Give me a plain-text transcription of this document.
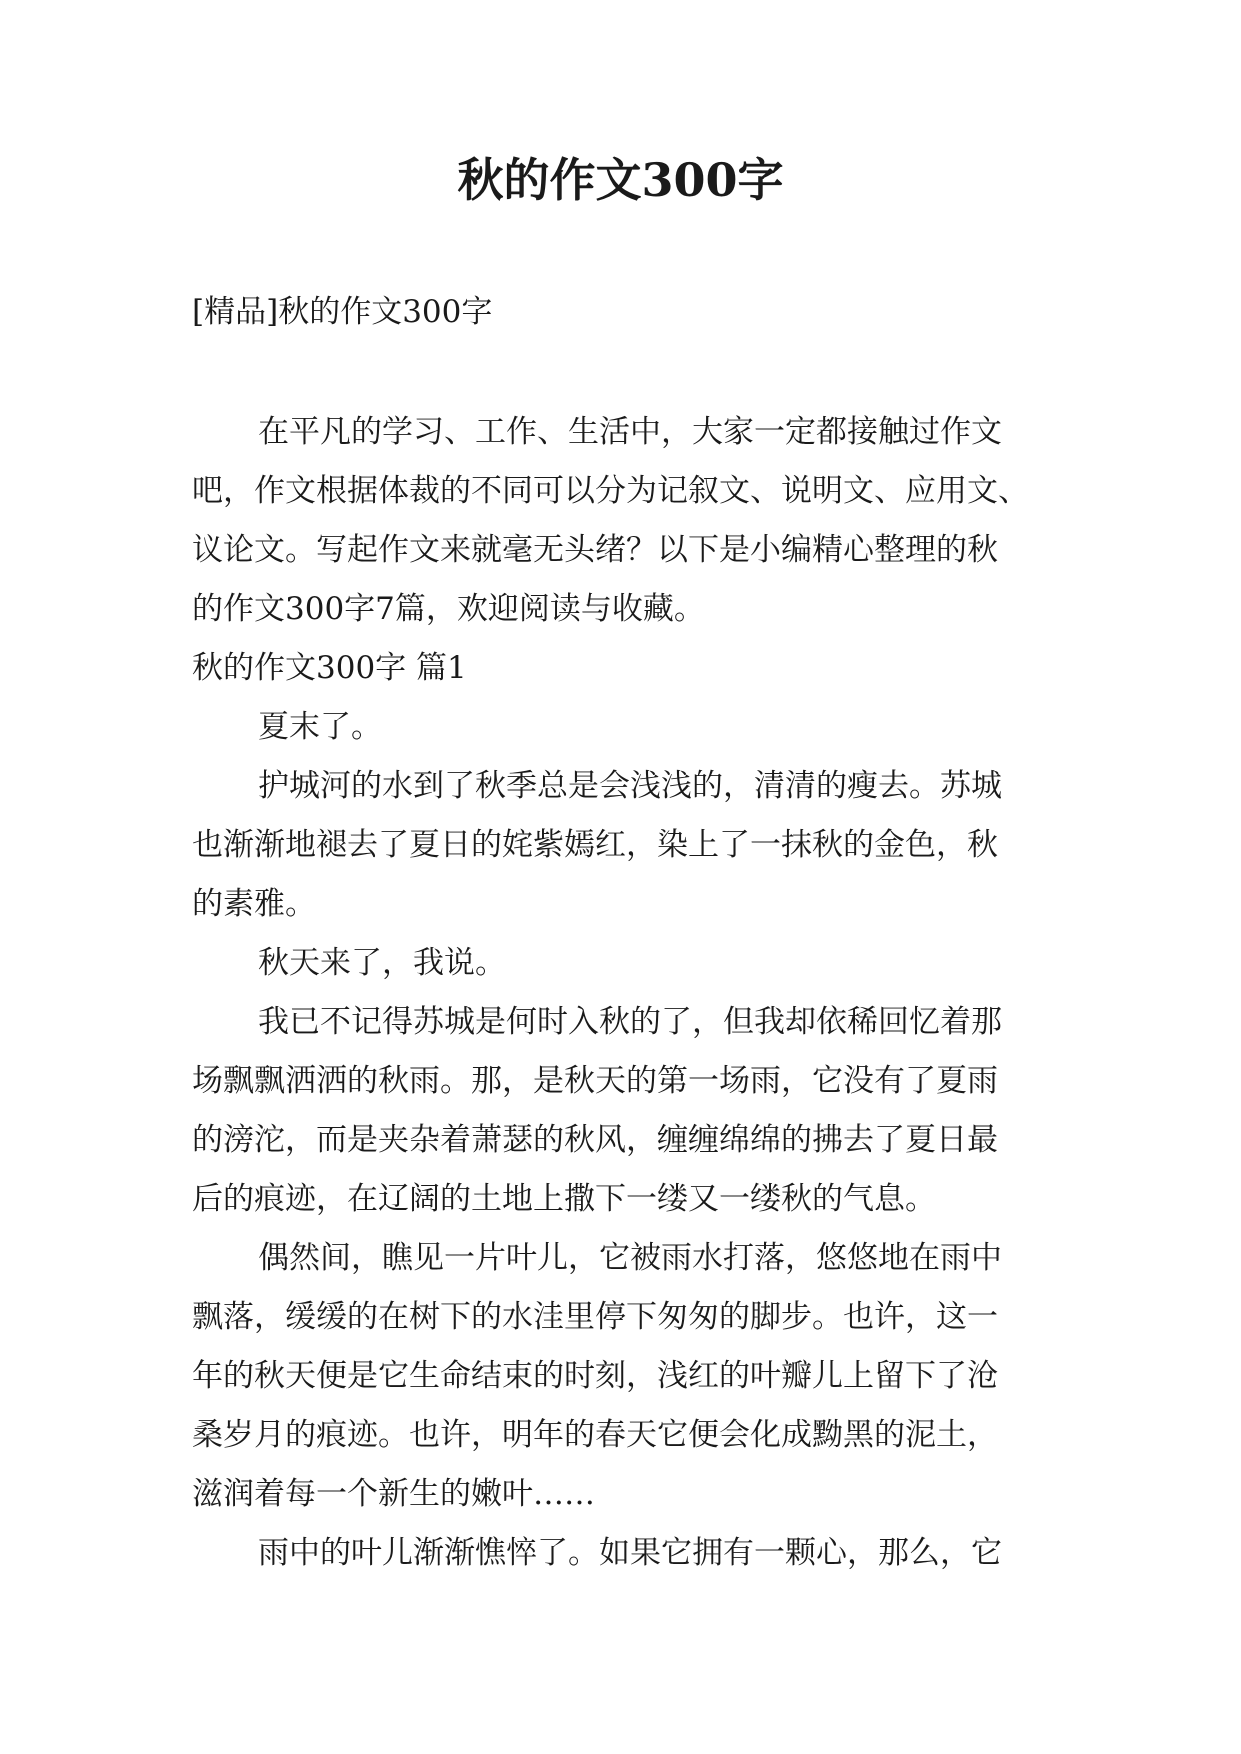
秋的作文300字
[精品]秋的作文300字

在平凡的学习、工作、生活中，大家一定都接触过作文
吧，作文根据体裁的不同可以分为记叙文、说明文、应用文、
议论文。写起作文来就毫无头绪？以下是小编精心整理的秋
的作文300字7篇，欢迎阅读与收藏。

秋的作文300字 篇1

夏末了。

护城河的水到了秋季总是会浅浅的，清清的瘦去。苏城
也渐渐地褪去了夏日的姹紫嫣红，染上了一抹秋的金色，秋
的素雅。

秋天来了，我说。

我已不记得苏城是何时入秋的了，但我却依稀回忆着那
场飘飘洒洒的秋雨。那，是秋天的第一场雨，它没有了夏雨
的滂沱，而是夹杂着萧瑟的秋风，缠缠绵绵的拂去了夏日最
后的痕迹，在辽阔的土地上撒下一缕又一缕秋的气息。

偶然间，瞧见一片叶儿，它被雨水打落，悠悠地在雨中
飘落，缓缓的在树下的水洼里停下匆匆的脚步。也许，这一
年的秋天便是它生命结束的时刻，浅红的叶瓣儿上留下了沧
桑岁月的痕迹。也许，明年的春天它便会化成黝黑的泥土，
滋润着每一个新生的嫩叶……

雨中的叶儿渐渐憔悴了。如果它拥有一颗心，那么，它
